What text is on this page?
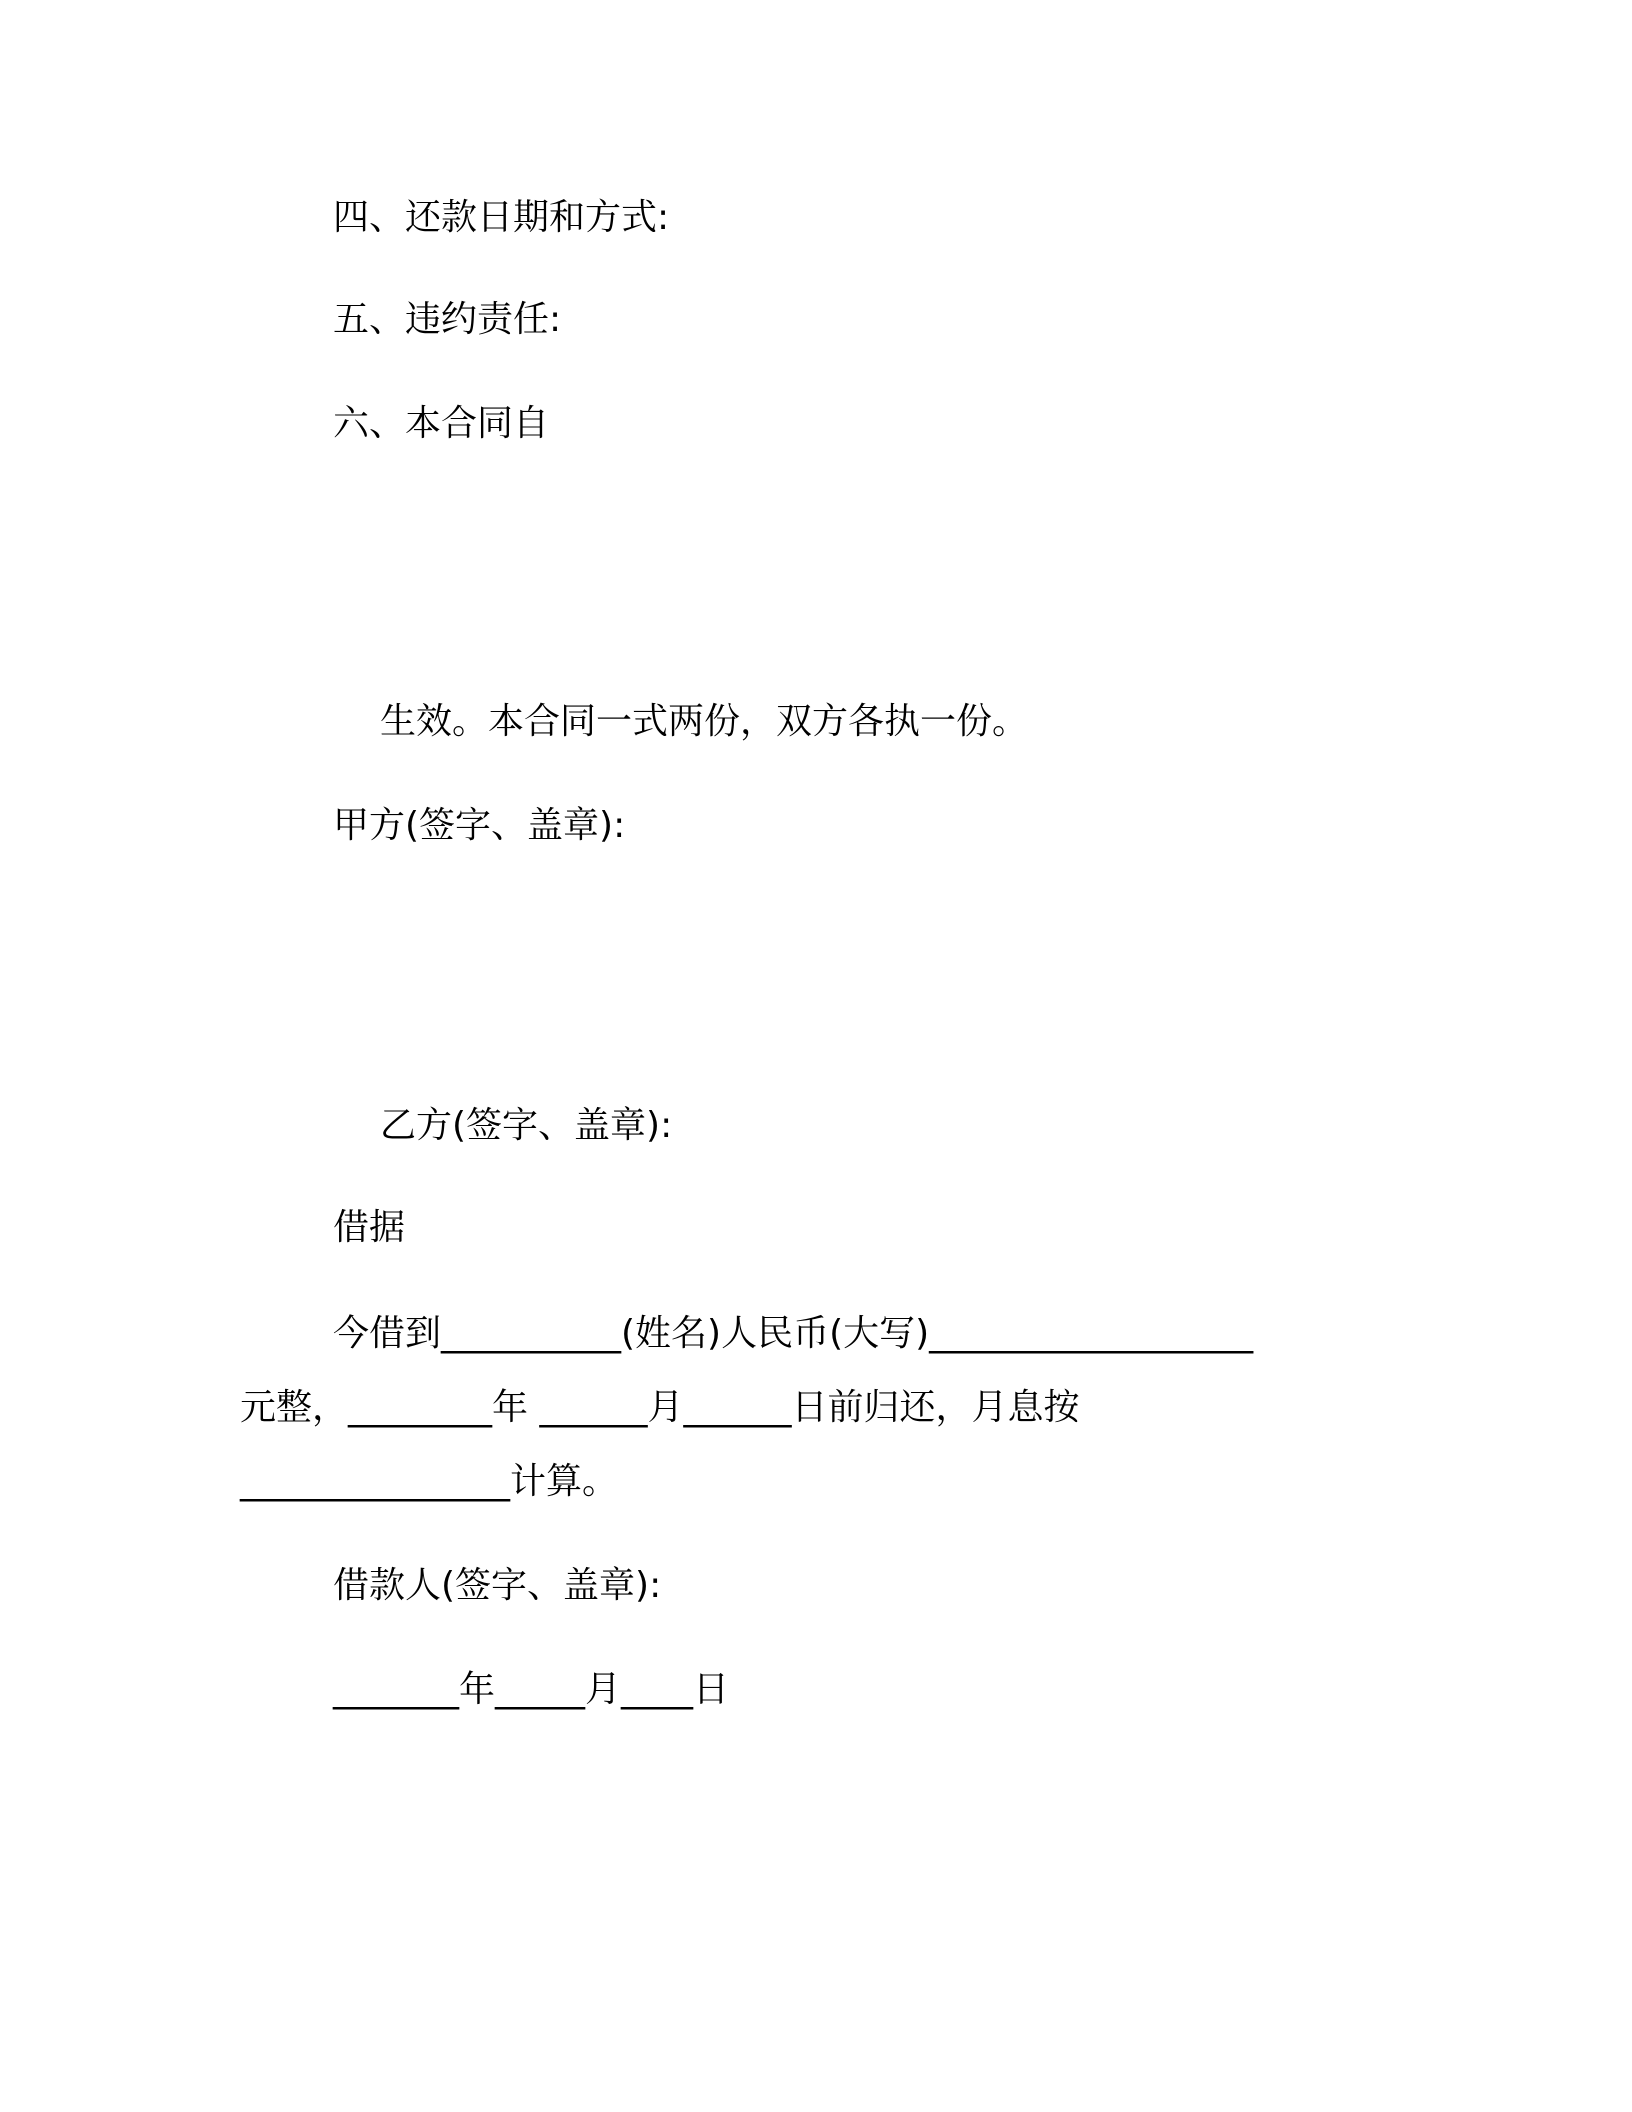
四、还款日期和方式:
五、违约责任:
六、本合同自
生效。本合同一式两份，双方各执一份。
甲方(签字、盖章):
乙方(签字、盖章):
借据
今借到__________(姓名)人民币(大写)__________________
元整，________年 ______月______日前归还，月息按
_______________计算。
借款人(签字、盖章):
_______年_____月____日
